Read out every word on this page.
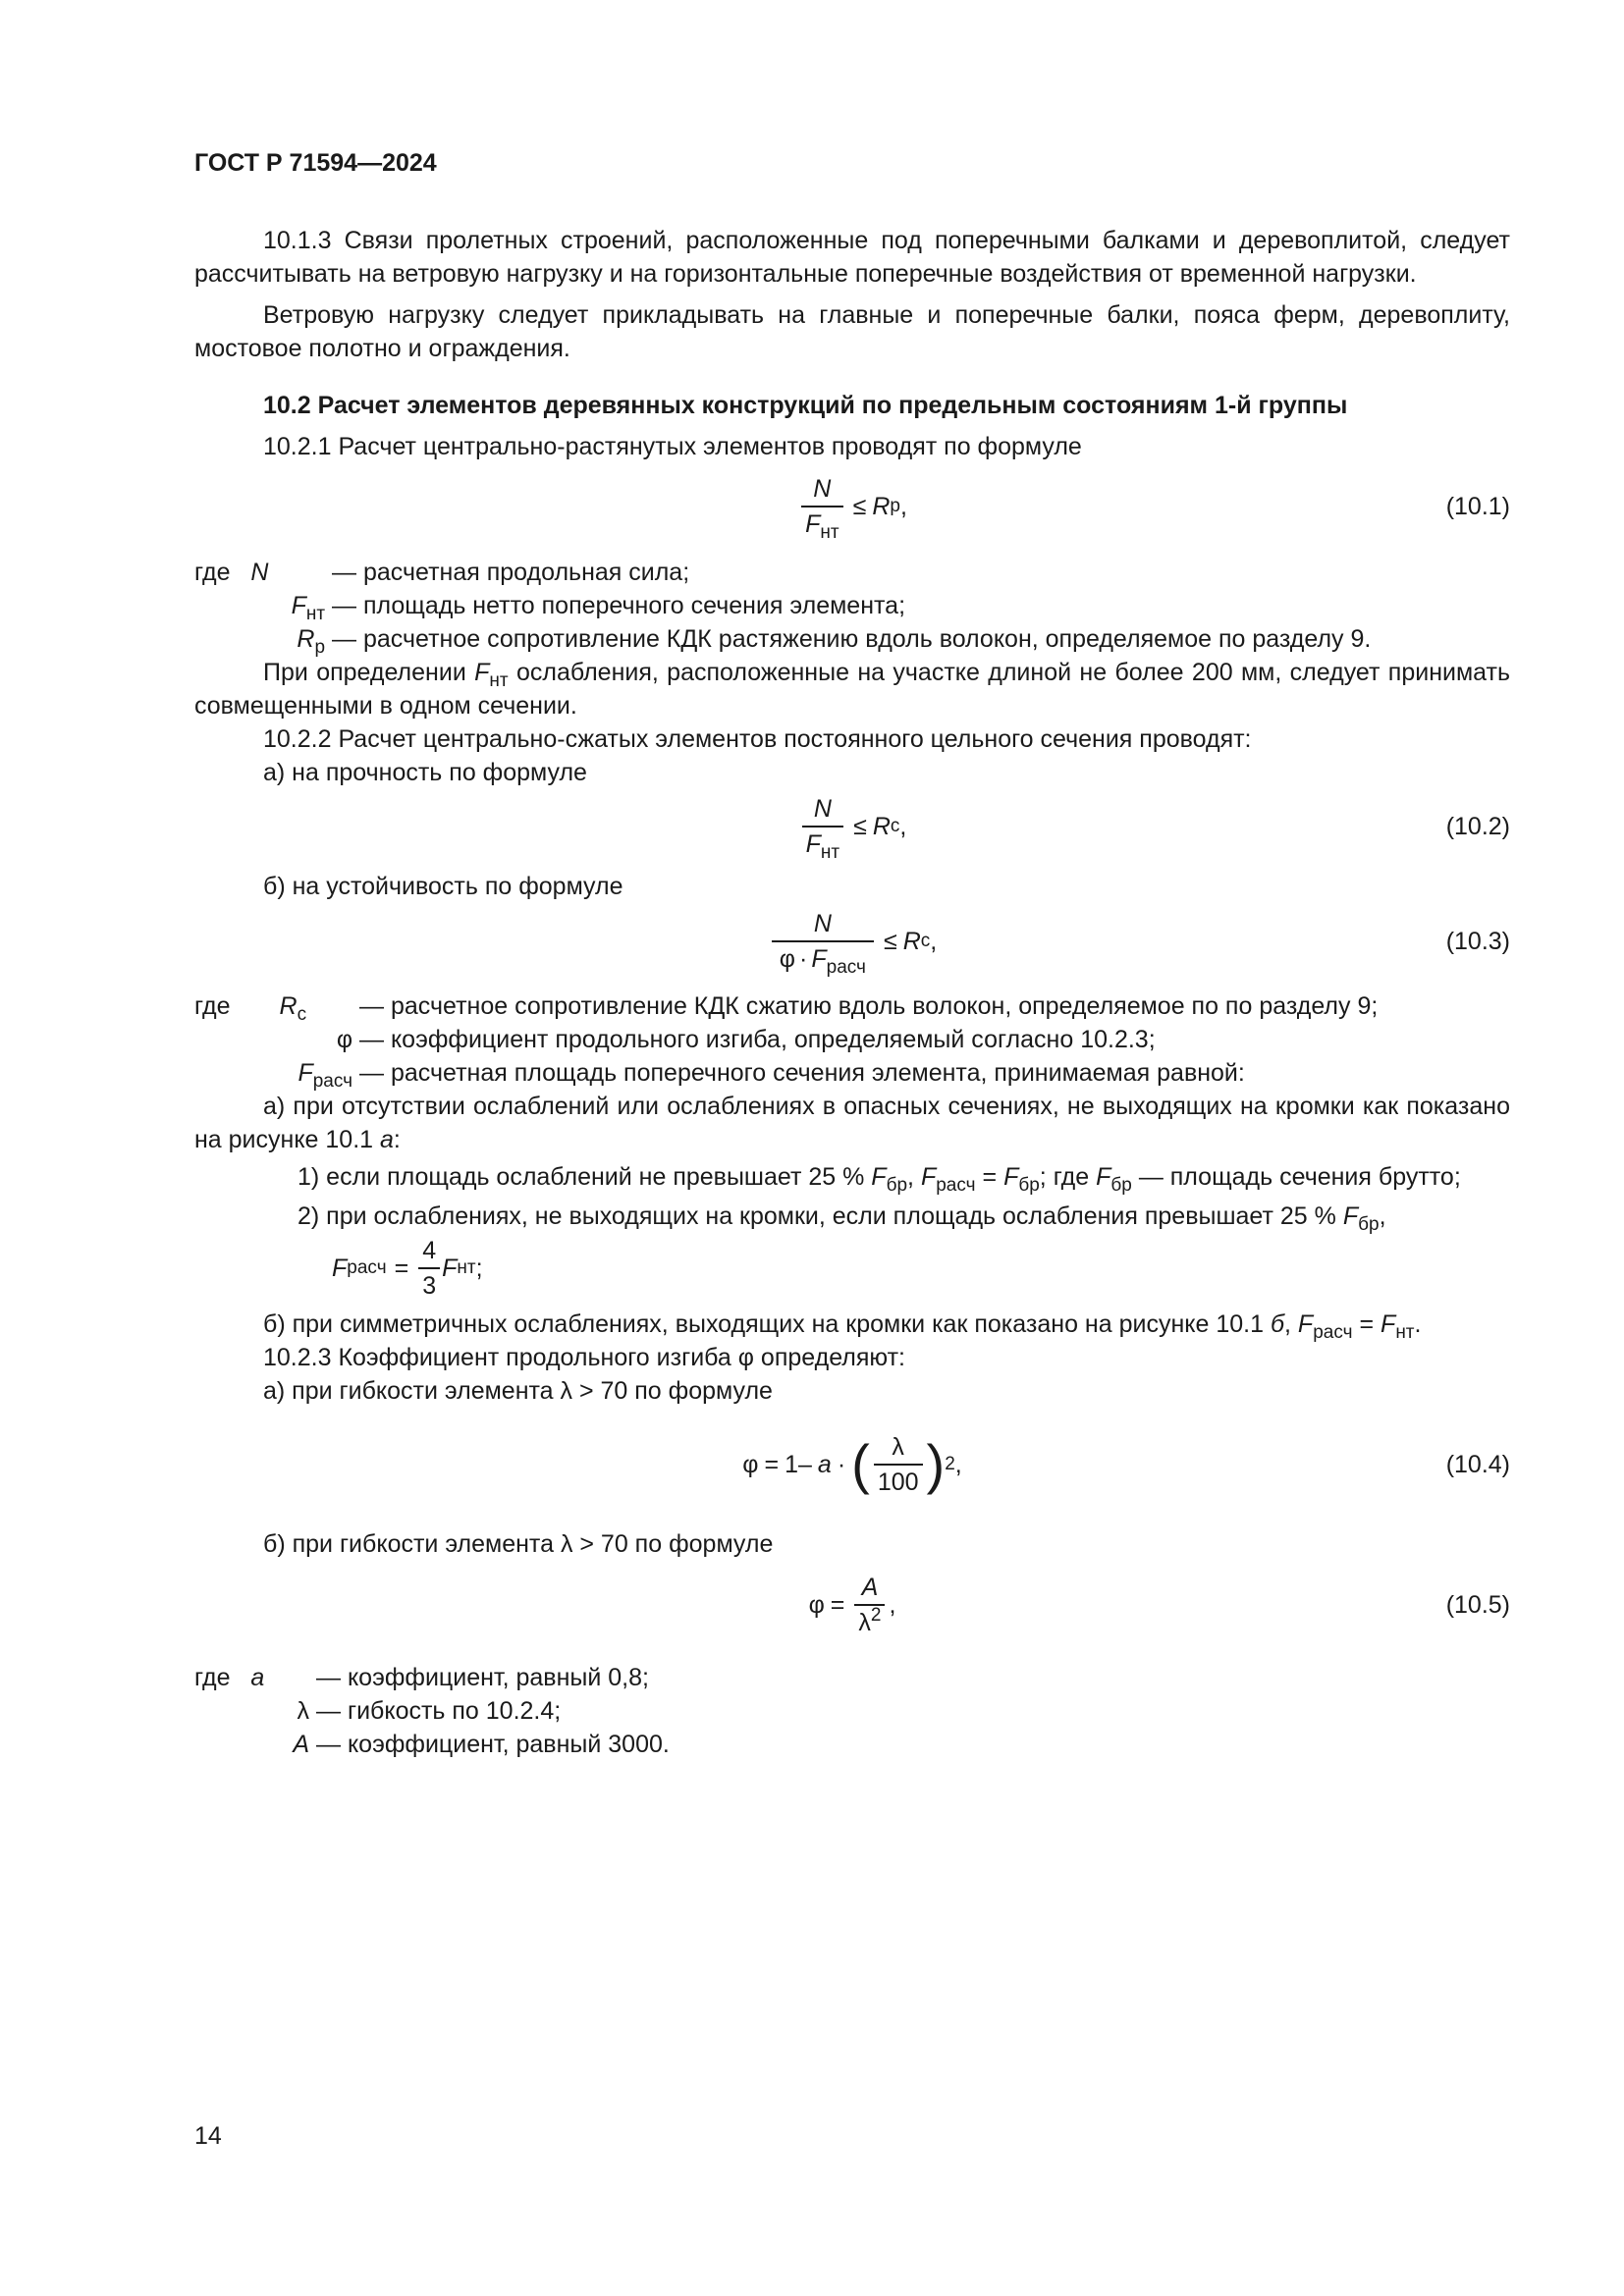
ГОСТ Р 71594—2024

10.1.3 Связи пролетных строений, расположенные под поперечными балками и деревоплитой, следует рассчитывать на ветровую нагрузку и на горизонтальные поперечные воздействия от временной нагрузки.

Ветровую нагрузку следует прикладывать на главные и поперечные балки, пояса ферм, деревоплиту, мостовое полотно и ограждения.

10.2 Расчет элементов деревянных конструкций по предельным состояниям 1-й группы

10.2.1 Расчет центрально-растянутых элементов проводят по формуле

$\frac{N}{F_{нт}} \le R$ р ,	(10.1)
где N	— расчетная продольная сила;
$F_{нт}$ — площадь нетто поперечного сечения элемента;
$R_р$ — расчетное сопротивление КДК растяжению вдоль волокон, определяемое по разделу 9.

При определении $F_{нт}$ ослабления, расположенные на участке длиной не более 200 мм, следует принимать совмещенными в одном сечении.

10.2.2 Расчет центрально-сжатых элементов постоянного цельного сечения проводят:

а) на прочность по формуле

$\frac{N}{F_{нт}} \le R$ с ,	(10.2)

б) на устойчивость по формуле

$\frac{N}{\varphi \cdot F_{расч}} \le R$ c ,	(10.3)
где $R_с$	— расчетное сопротивление КДК сжатию вдоль волокон, определяемое по по разделу 9;
φ — коэффициент продольного изгиба, определяемый согласно 10.2.3;
$F_{расч}$ — расчетная площадь поперечного сечения элемента, принимаемая равной:

а) при отсутствии ослаблений или ослаблениях в опасных сечениях, не выходящих на кромки как показано на рисунке 10.1 а:

1) если площадь ослаблений не превышает 25 % $F_{бр}$, $F_{расч} = F_{бр}$; где $F_{бр}$ — площадь сечения брутто;

2) при ослаблениях, не выходящих на кромки, если площадь ослабления превышает 25 % $F_{бр}$,

F расч = $\frac{4}{3}$ F нт ;

б) при симметричных ослаблениях, выходящих на кромки как показано на рисунке 10.1 б, $F_{расч} = F_{нт}$.

10.2.3 Коэффициент продольного изгиба φ определяют:

а) при гибкости элемента λ > 70 по формуле

φ = 1 – a · ( $\frac{\lambda}{100}$ ) 2 ,	(10.4)

б) при гибкости элемента λ > 70 по формуле

$\varphi = \frac{A}{\lambda^2}$ ,	(10.5)
где a	— коэффициент, равный 0,8;
λ — гибкость по 10.2.4;
A — коэффициент, равный 3000.
14
